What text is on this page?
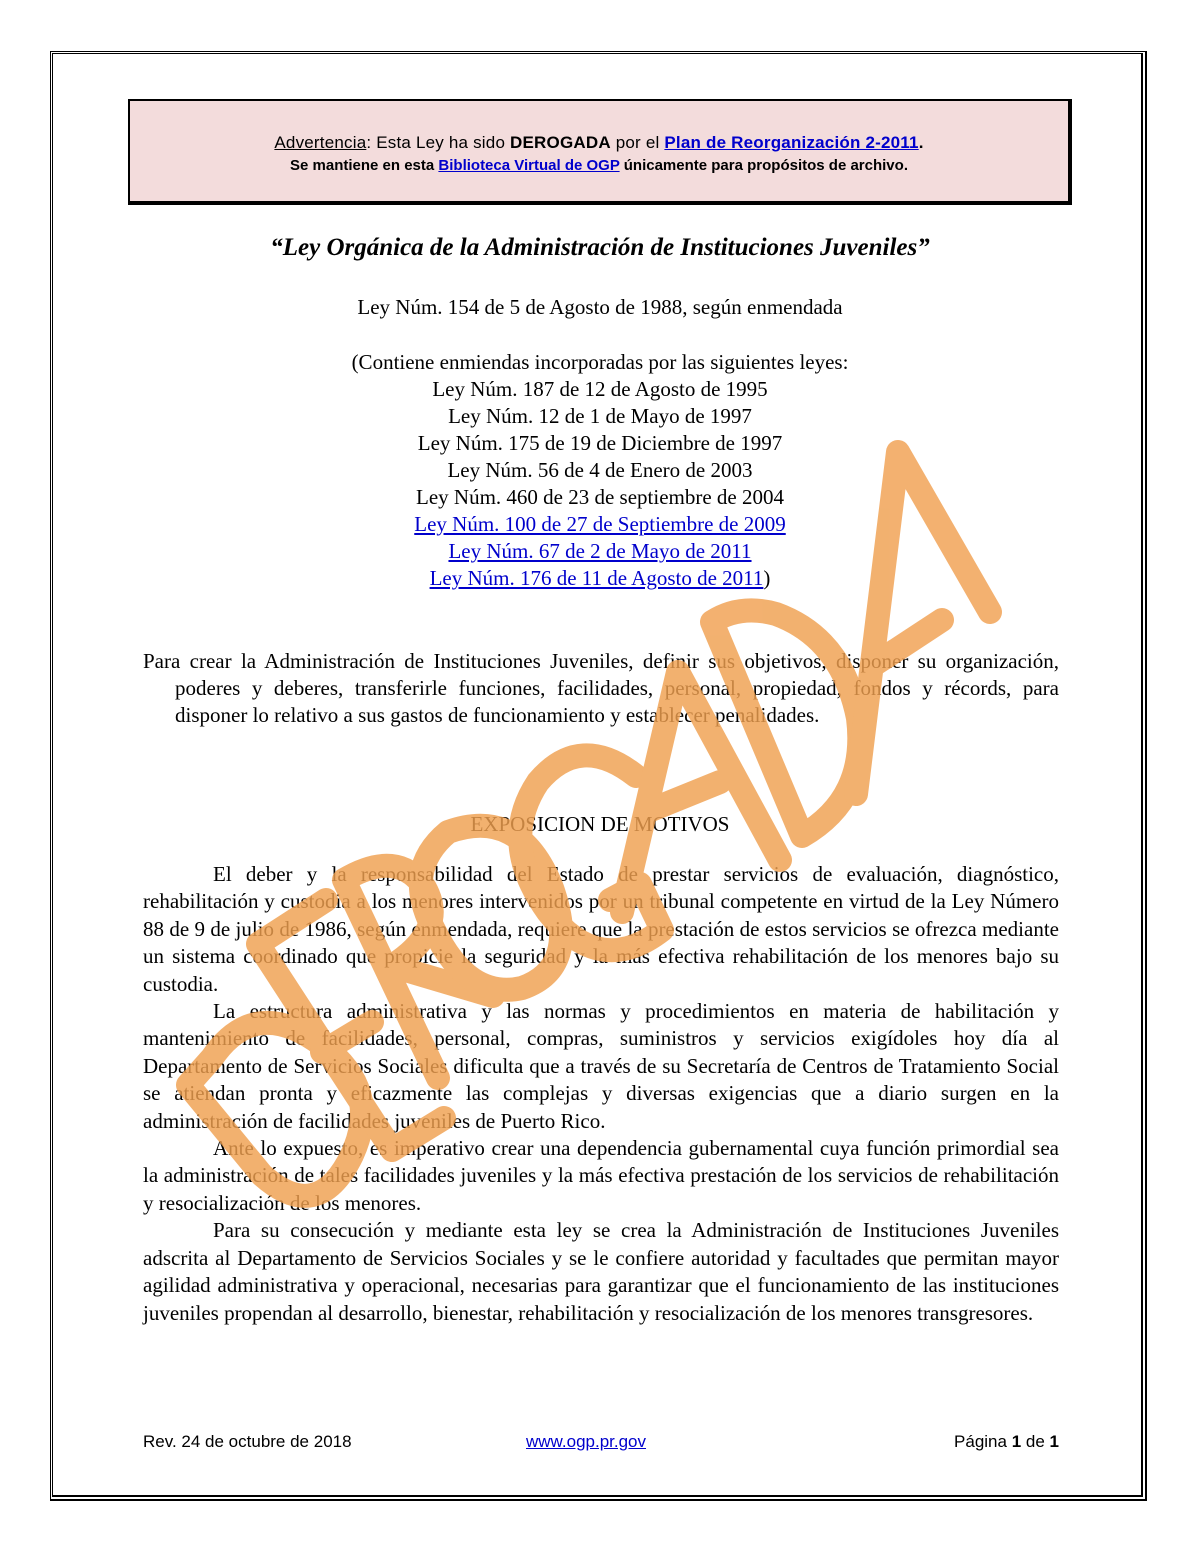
Advertencia: Esta Ley ha sido DEROGADA por el Plan de Reorganización 2-2011.
Se mantiene en esta Biblioteca Virtual de OGP únicamente para propósitos de archivo.
“Ley Orgánica de la Administración de Instituciones Juveniles”
Ley Núm. 154 de 5 de Agosto de 1988, según enmendada
(Contiene enmiendas incorporadas por las siguientes leyes:
Ley Núm. 187 de 12 de Agosto de 1995
Ley Núm. 12 de 1 de Mayo de 1997
Ley Núm. 175 de 19 de Diciembre de 1997
Ley Núm. 56 de 4 de Enero de 2003
Ley Núm. 460 de 23 de septiembre de 2004
Ley Núm. 100 de 27 de Septiembre de 2009
Ley Núm. 67 de 2 de Mayo de 2011
Ley Núm. 176 de 11 de Agosto de 2011)
Para crear la Administración de Instituciones Juveniles, definir sus objetivos, disponer su organización, poderes y deberes, transferirle funciones, facilidades, personal, propiedad, fondos y récords, para disponer lo relativo a sus gastos de funcionamiento y establecer penalidades.
EXPOSICION DE MOTIVOS

El deber y la responsabilidad del Estado de prestar servicios de evaluación, diagnóstico, rehabilitación y custodia a los menores intervenidos por un tribunal competente en virtud de la Ley Número 88 de 9 de julio de 1986, según enmendada, requiere que la prestación de estos servicios se ofrezca mediante un sistema coordinado que propicie la seguridad y la más efectiva rehabilitación de los menores bajo su custodia.

La estructura administrativa y las normas y procedimientos en materia de habilitación y mantenimiento de facilidades, personal, compras, suministros y servicios exigídoles hoy día al Departamento de Servicios Sociales dificulta que a través de su Secretaría de Centros de Tratamiento Social se atiendan pronta y eficazmente las complejas y diversas exigencias que a diario surgen en la administración de facilidades juveniles de Puerto Rico.

Ante lo expuesto, es imperativo crear una dependencia gubernamental cuya función primordial sea la administración de tales facilidades juveniles y la más efectiva prestación de los servicios de rehabilitación y resocialización de los menores.

Para su consecución y mediante esta ley se crea la Administración de Instituciones Juveniles adscrita al Departamento de Servicios Sociales y se le confiere autoridad y facultades que permitan mayor agilidad administrativa y operacional, necesarias para garantizar que el funcionamiento de las instituciones juveniles propendan al desarrollo, bienestar, rehabilitación y resocialización de los menores transgresores.

Rev. 24 de octubre de 2018	www.ogp.pr.gov	Página 1 de 1
